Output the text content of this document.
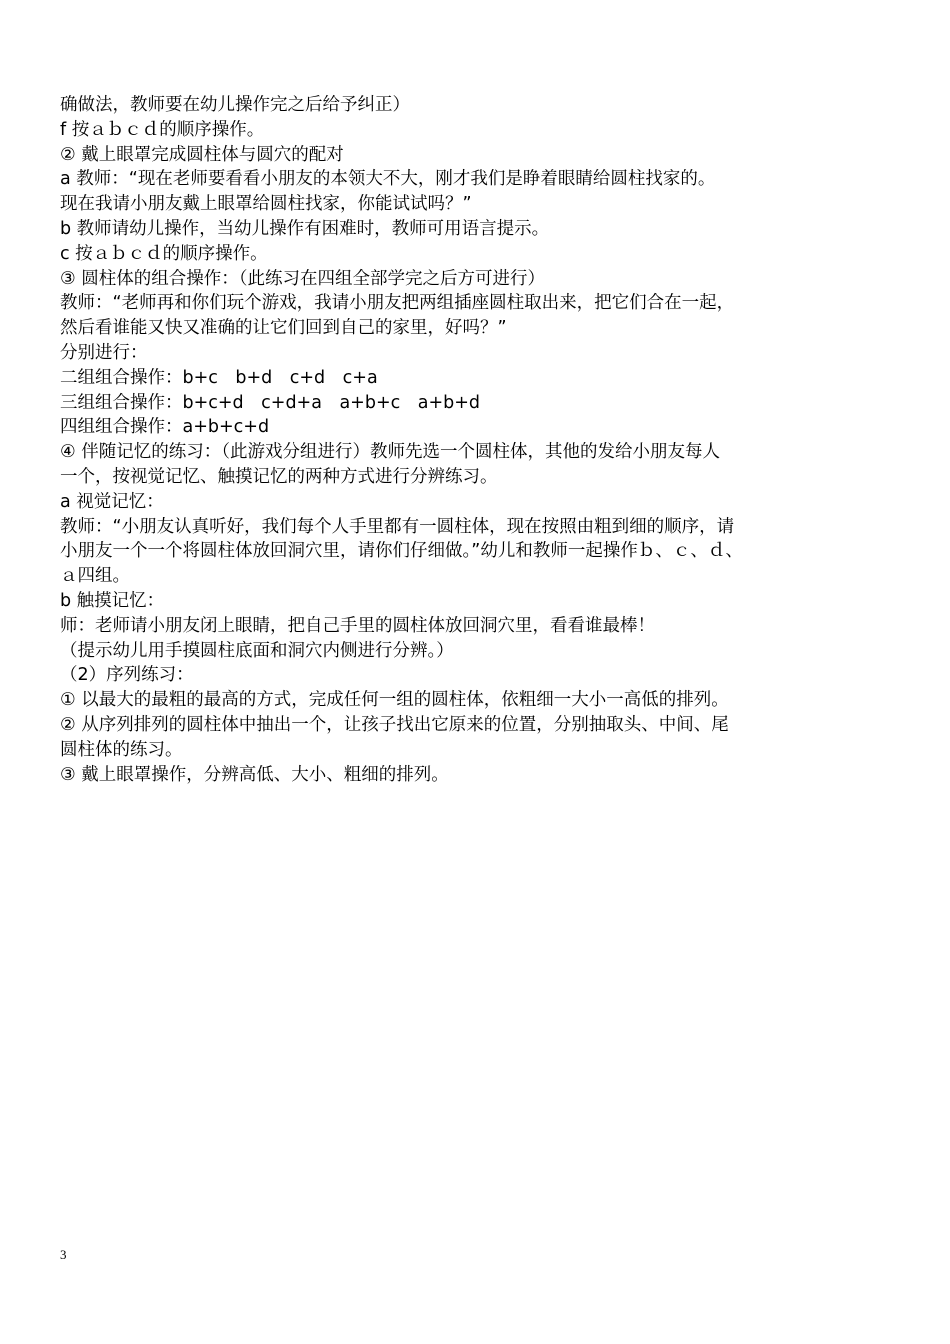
确做法，教师要在幼儿操作完之后给予纠正）
f 按ａｂｃｄ的顺序操作。
② 戴上眼罩完成圆柱体与圆穴的配对
a 教师：“现在老师要看看小朋友的本领大不大，刚才我们是睁着眼睛给圆柱找家的。
现在我请小朋友戴上眼罩给圆柱找家，你能试试吗？”
b 教师请幼儿操作，当幼儿操作有困难时，教师可用语言提示。
c 按ａｂｃｄ的顺序操作。
③ 圆柱体的组合操作：（此练习在四组全部学完之后方可进行）
教师：“老师再和你们玩个游戏，我请小朋友把两组插座圆柱取出来，把它们合在一起，
然后看谁能又快又准确的让它们回到自己的家里，好吗？”
分别进行：
二组组合操作：b+c　b+d　c+d　c+a
三组组合操作：b+c+d　c+d+a　a+b+c　a+b+d
四组组合操作：a+b+c+d
④ 伴随记忆的练习：（此游戏分组进行）教师先选一个圆柱体，其他的发给小朋友每人
一个，按视觉记忆、触摸记忆的两种方式进行分辨练习。
a 视觉记忆：
教师：“小朋友认真听好，我们每个人手里都有一圆柱体，现在按照由粗到细的顺序，请
小朋友一个一个将圆柱体放回洞穴里，请你们仔细做。”幼儿和教师一起操作ｂ、ｃ、ｄ、
ａ四组。
b 触摸记忆：
师：老师请小朋友闭上眼睛，把自己手里的圆柱体放回洞穴里，看看谁最棒！
（提示幼儿用手摸圆柱底面和洞穴内侧进行分辨。）
（2）序列练习：
① 以最大的最粗的最高的方式，完成任何一组的圆柱体，依粗细一大小一高低的排列。
② 从序列排列的圆柱体中抽出一个，让孩子找出它原来的位置，分别抽取头、中间、尾
圆柱体的练习。
③ 戴上眼罩操作，分辨高低、大小、粗细的排列。
3
